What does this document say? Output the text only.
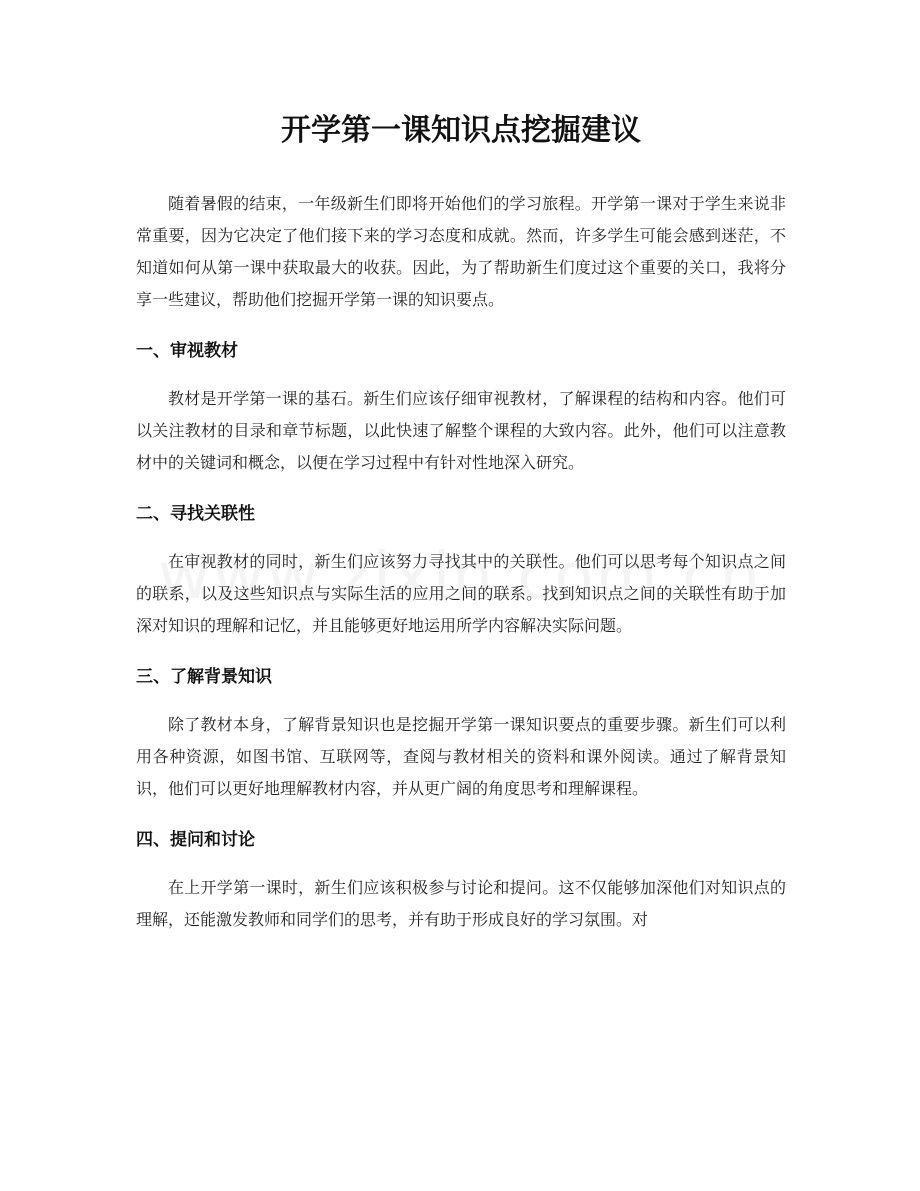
开学第一课知识点挖掘建议

随着暑假的结束，一年级新生们即将开始他们的学习旅程。开学第一课对于学生来说非常重要，因为它决定了他们接下来的学习态度和成就。然而，许多学生可能会感到迷茫，不知道如何从第一课中获取最大的收获。因此，为了帮助新生们度过这个重要的关口，我将分享一些建议，帮助他们挖掘开学第一课的知识要点。

一、审视教材

教材是开学第一课的基石。新生们应该仔细审视教材，了解课程的结构和内容。他们可以关注教材的目录和章节标题，以此快速了解整个课程的大致内容。此外，他们可以注意教材中的关键词和概念，以便在学习过程中有针对性地深入研究。

二、寻找关联性

在审视教材的同时，新生们应该努力寻找其中的关联性。他们可以思考每个知识点之间的联系，以及这些知识点与实际生活的应用之间的联系。找到知识点之间的关联性有助于加深对知识的理解和记忆，并且能够更好地运用所学内容解决实际问题。

三、了解背景知识

除了教材本身，了解背景知识也是挖掘开学第一课知识要点的重要步骤。新生们可以利用各种资源，如图书馆、互联网等，查阅与教材相关的资料和课外阅读。通过了解背景知识，他们可以更好地理解教材内容，并从更广阔的角度思考和理解课程。

四、提问和讨论

在上开学第一课时，新生们应该积极参与讨论和提问。这不仅能够加深他们对知识点的理解，还能激发教师和同学们的思考，并有助于形成良好的学习氛围。对
